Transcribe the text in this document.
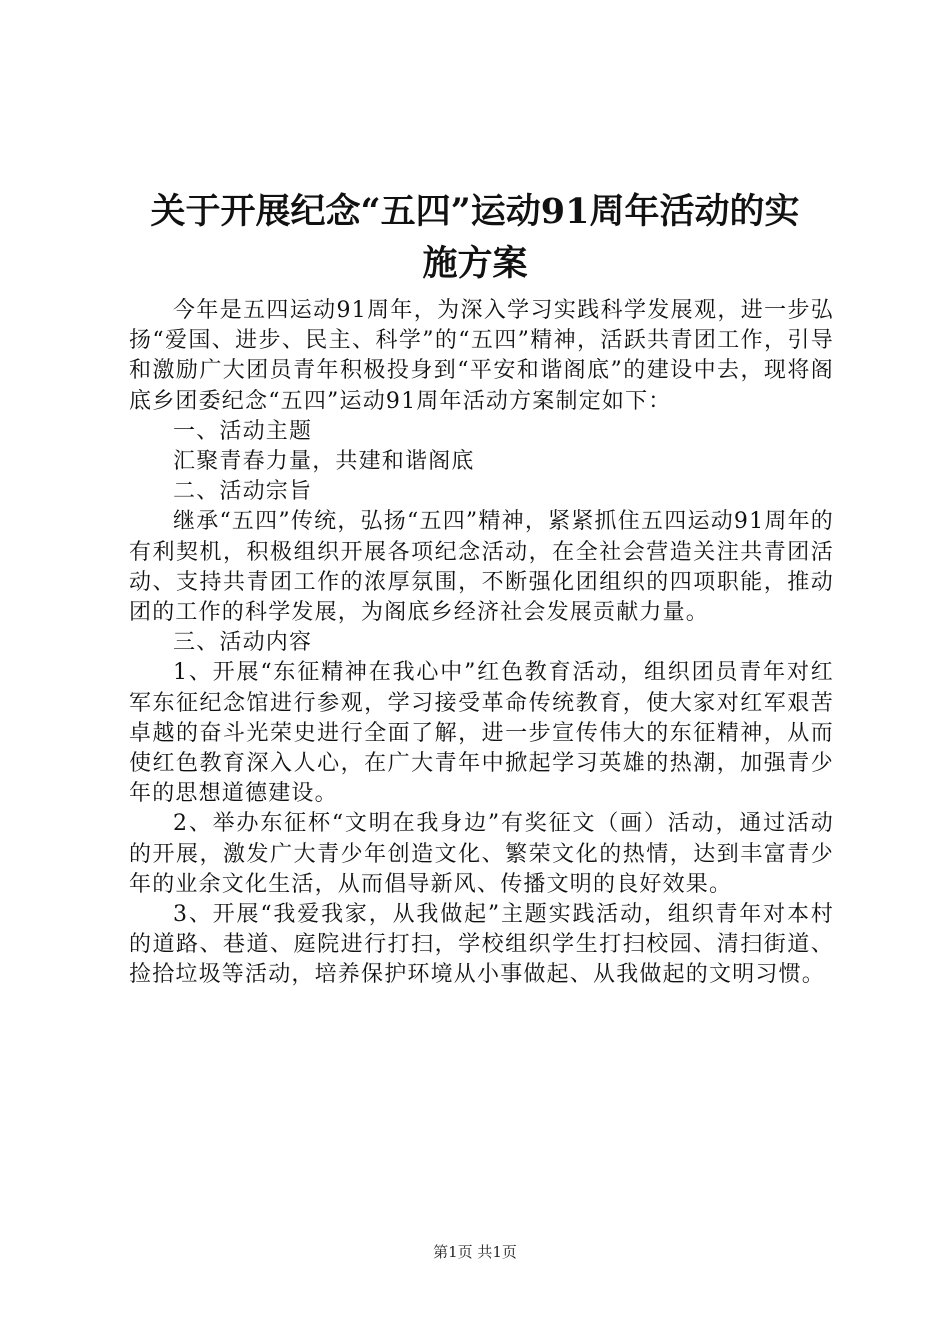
关于开展纪念“五四”运动91周年活动的实
施方案

今年是五四运动91周年，为深入学习实践科学发展观，进一步弘扬“爱国、进步、民主、科学”的“五四”精神，活跃共青团工作，引导和激励广大团员青年积极投身到“平安和谐阁底”的建设中去，现将阁底乡团委纪念“五四”运动91周年活动方案制定如下：

一、活动主题

汇聚青春力量，共建和谐阁底

二、活动宗旨

继承“五四”传统，弘扬“五四”精神，紧紧抓住五四运动91周年的有利契机，积极组织开展各项纪念活动，在全社会营造关注共青团活动、支持共青团工作的浓厚氛围，不断强化团组织的四项职能，推动团的工作的科学发展，为阁底乡经济社会发展贡献力量。

三、活动内容

1、开展“东征精神在我心中”红色教育活动，组织团员青年对红军东征纪念馆进行参观，学习接受革命传统教育，使大家对红军艰苦卓越的奋斗光荣史进行全面了解，进一步宣传伟大的东征精神，从而使红色教育深入人心，在广大青年中掀起学习英雄的热潮，加强青少年的思想道德建设。

2、举办东征杯“文明在我身边”有奖征文（画）活动，通过活动的开展，激发广大青少年创造文化、繁荣文化的热情，达到丰富青少年的业余文化生活，从而倡导新风、传播文明的良好效果。

3、开展“我爱我家，从我做起”主题实践活动，组织青年对本村的道路、巷道、庭院进行打扫，学校组织学生打扫校园、清扫街道、捡拾垃圾等活动，培养保护环境从小事做起、从我做起的文明习惯。

第1页 共1页
